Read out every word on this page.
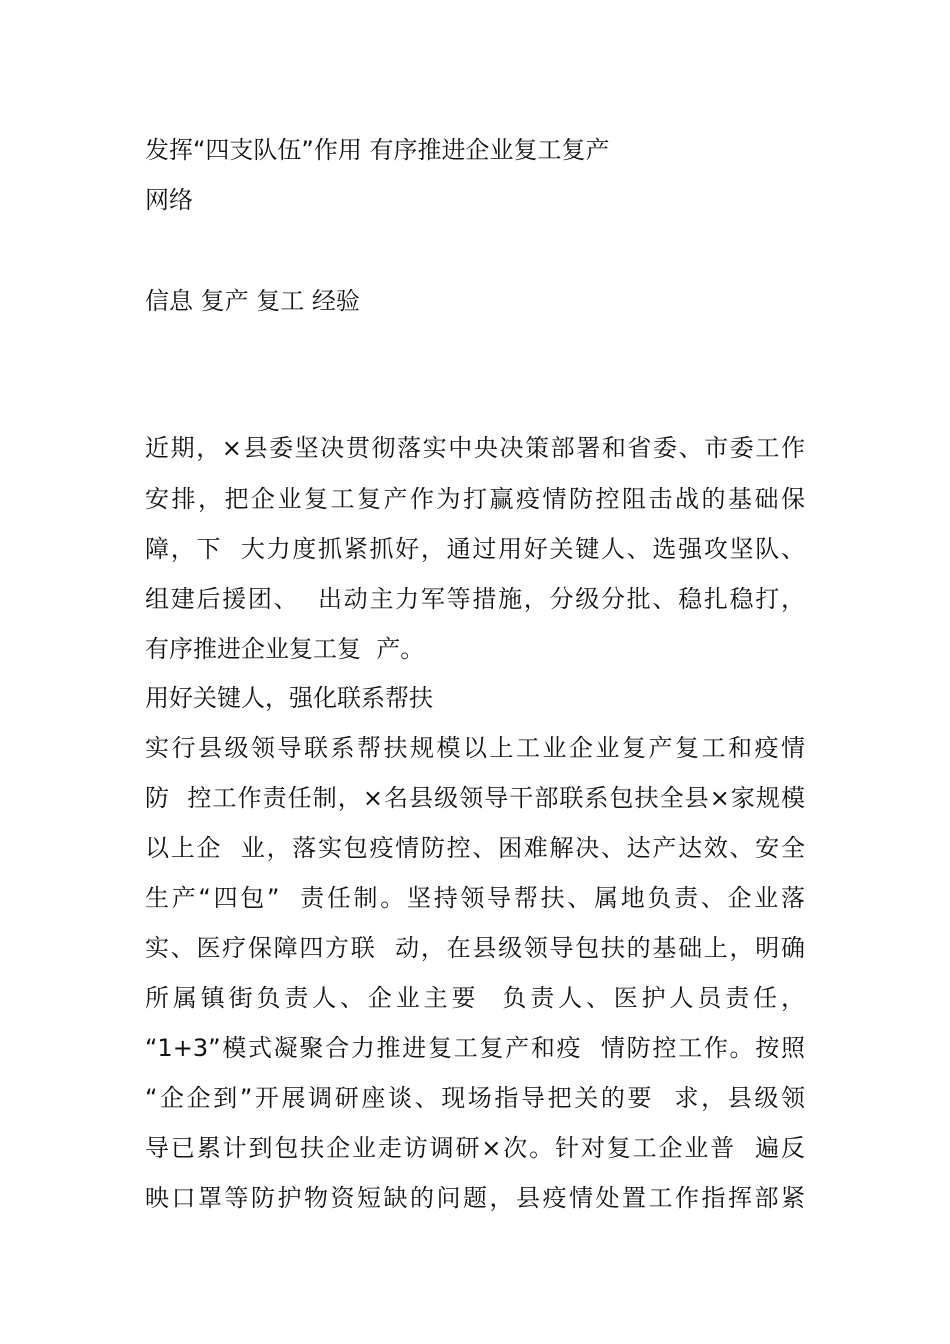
发挥“四支队伍”作用 有序推进企业复工复产
网络
信息 复产 复工 经验
近期，×县委坚决贯彻落实中央决策部署和省委、市委工作
安排，把企业复工复产作为打赢疫情防控阻击战的基础保
障，下  大力度抓紧抓好，通过用好关键人、选强攻坚队、
组建后援团、  出动主力军等措施，分级分批、稳扎稳打，
有序推进企业复工复  产。
用好关键人，强化联系帮扶
实行县级领导联系帮扶规模以上工业企业复产复工和疫情
防  控工作责任制，×名县级领导干部联系包扶全县×家规模
以上企  业，落实包疫情防控、困难解决、达产达效、安全
生产“四包”  责任制。坚持领导帮扶、属地负责、企业落
实、医疗保障四方联  动，在县级领导包扶的基础上，明确
所属镇街负责人、企业主要  负责人、医护人员责任，
“1+3”模式凝聚合力推进复工复产和疫  情防控工作。按照
“企企到”开展调研座谈、现场指导把关的要  求，县级领
导已累计到包扶企业走访调研×次。针对复工企业普  遍反
映口罩等防护物资短缺的问题，县疫情处置工作指挥部紧
